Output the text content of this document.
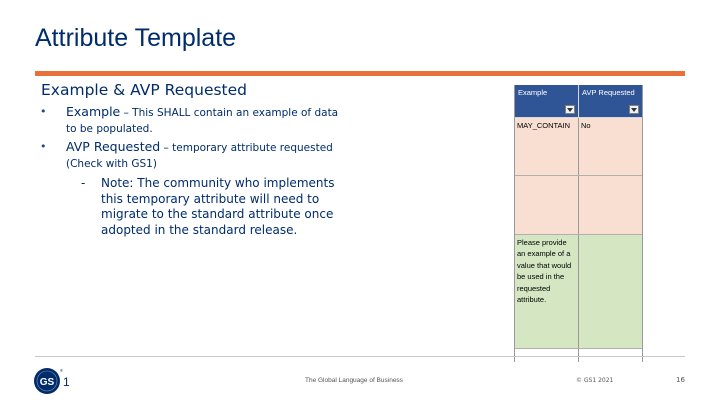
Attribute Template
Example & AVP Requested
• Example – This SHALL contain an example of data to be populated.
• AVP Requested – temporary attribute requested (Check with GS1)
- Note: The community who implements this temporary attribute will need to migrate to the standard attribute once adopted in the standard release.
Example	AVP Requested
MAY_CONTAIN	No
Please provide an example of a value that would be used in the requested attribute.
GS 1
®
The Global Language of Business	© GS1 2021	16
